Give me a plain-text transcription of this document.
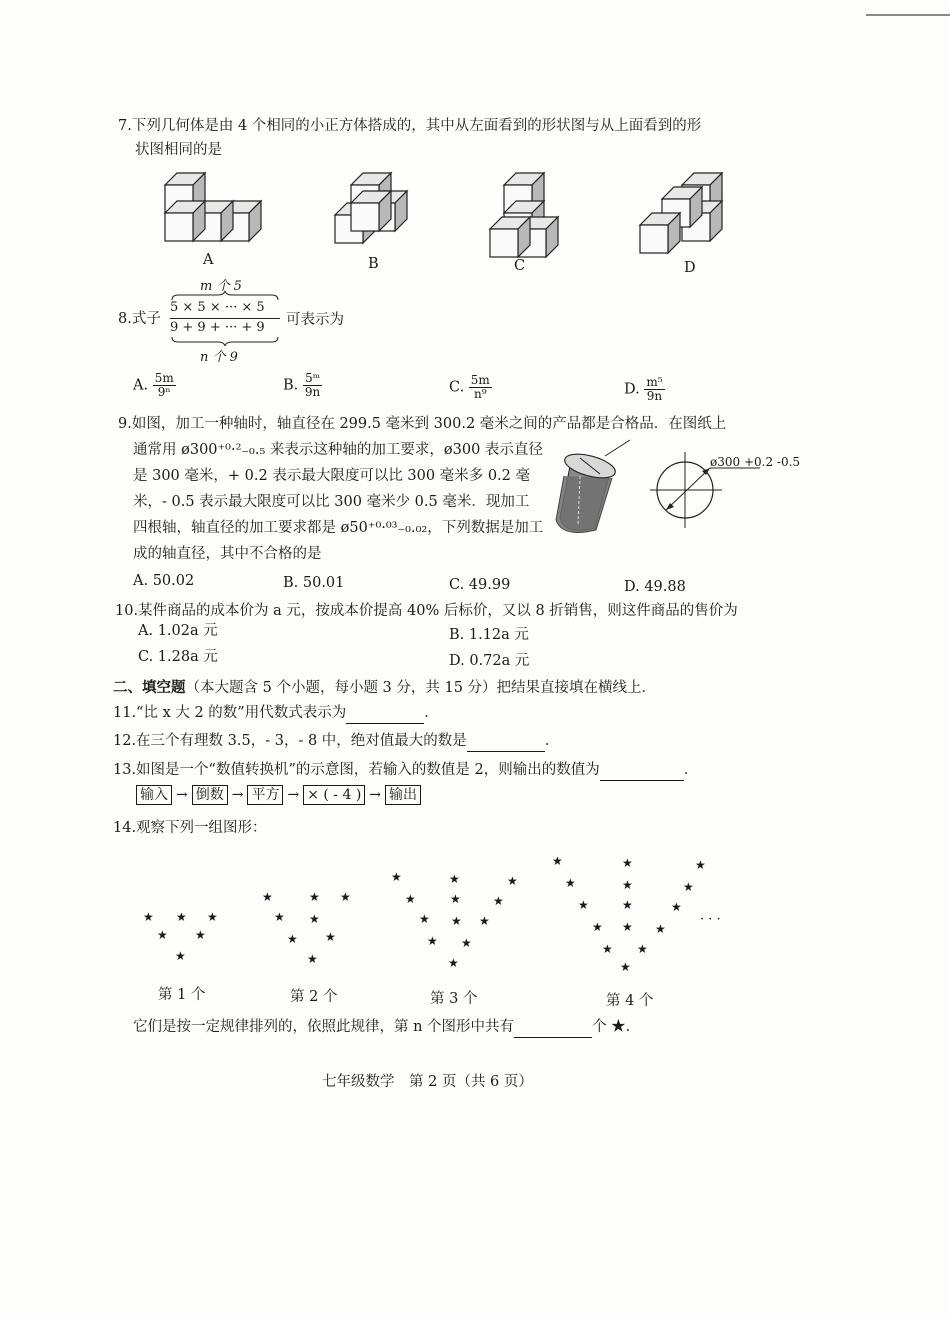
7.下列几何体是由 4 个相同的小正方体搭成的，其中从左面看到的形状图与从上面看到的形
状图相同的是
A	B	C	D
m 个 5
8.式子
5 × 5 × ··· × 5
9 + 9 + ··· + 9
n 个 9
可表示为
A. $\frac{5m}{\text{9ⁿ}}$	B. $\frac{\text{5ᵐ}}{9n}$	C. $\frac{5m}{\text{n⁹}}$	D. $\frac{\text{m⁵}}{9n}$
9.如图，加工一种轴时，轴直径在 299.5 毫米到 300.2 毫米之间的产品都是合格品．在图纸上
通常用 ø300⁺⁰·²₋₀.₅ 来表示这种轴的加工要求，ø300 表示直径
是 300 毫米，+ 0.2 表示最大限度可以比 300 毫米多 0.2 毫
米，- 0.5 表示最大限度可以比 300 毫米少 0.5 毫米．现加工
四根轴，轴直径的加工要求都是 ø50⁺⁰·⁰³₋₀.₀₂，下列数据是加工
成的轴直径，其中不合格的是
ø300 +0.2 -0.5
A. 50.02	B. 50.01	C. 49.99	D. 49.88
10.某件商品的成本价为 a 元，按成本价提高 40% 后标价，又以 8 折销售，则这件商品的售价为
A. 1.02a 元	B. 1.12a 元
C. 1.28a 元	D. 0.72a 元
二、填空题（本大题含 5 个小题，每小题 3 分，共 15 分）把结果直接填在横线上．
11.“比 x 大 2 的数”用代数式表示为	．
12.在三个有理数 3.5，- 3，- 8 中，绝对值最大的数是	．
13.如图是一个“数值转换机”的示意图，若输入的数值是 2，则输出的数值为	．
输入 → 倒数 → 平方 → × ( - 4 ) → 输出
14.观察下列一组图形：
★ ★ ★
★ ★
★
★	★ ★
★ ★
★
★
★
★	★	★
★	★	★
★ ★ ★
★ ★
★
★	★	★
★	★	★
★	★	★
★ ★ ★
★ ★
★
· · ·
第 1 个	第 2 个	第 3 个	第 4 个
它们是按一定规律排列的，依照此规律，第 n 个图形中共有	个 ★.
七年级数学　第 2 页（共 6 页）
